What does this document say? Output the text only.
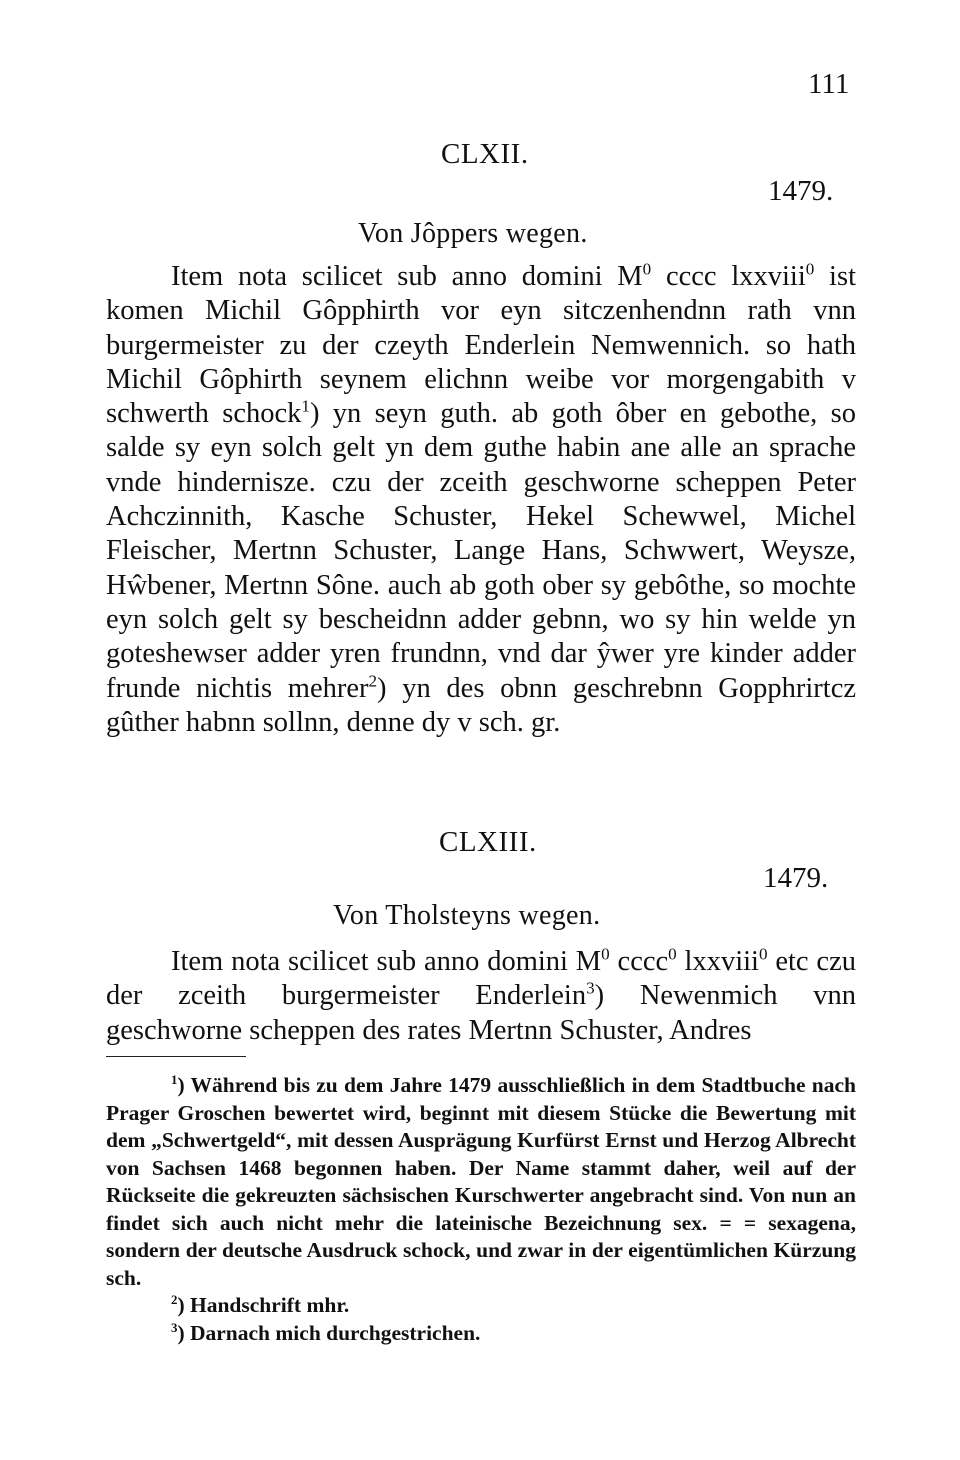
111
CLXII.
1479.
Von Jôppers wegen.

Item nota scilicet sub anno domini $M^0$ cccc lxxviii$^0$ ist komen Michil Gôpphirth vor eyn sitczenhendnn rath vnn burgermeister zu der czeyth Enderlein Nemwennich. so hath Michil Gôphirth seynem elichnn weibe vor morgengabith v schwerth schock$^1$) yn seyn guth. ab goth ôber en gebothe, so salde sy eyn solch gelt yn dem guthe habin ane alle an sprache vnde hindernisze. czu der zceith geschworne scheppen Peter Achczinnith, Kasche Schuster, Hekel Schewwel, Michel Fleischer, Mertnn Schuster, Lange Hans, Schwwert, Weysze, Hŵbener, Mertnn Sône. auch ab goth ober sy gebôthe, so mochte eyn solch gelt sy bescheidnn adder gebnn, wo sy hin welde yn goteshewser adder yren frundnn, vnd dar ŷwer yre kinder adder frunde nichtis mehrer$^2$) yn des obnn geschrebnn Gopphrirtcz gûther habnn sollnn, denne dy v sch. gr.

CLXIII.
1479.
Von Tholsteyns wegen.

Item nota scilicet sub anno domini $M^0$ cccc$^0$ lxxviii$^0$ etc czu der zceith burgermeister Enderlein$^3$) Newenmich vnn geschworne scheppen des rates Mertnn Schuster, Andres

$^1$) Während bis zu dem Jahre 1479 ausschließlich in dem Stadtbuche nach Prager Groschen bewertet wird, beginnt mit diesem Stücke die Bewertung mit dem „Schwertgeld“, mit dessen Ausprägung Kurfürst Ernst und Herzog Albrecht von Sachsen 1468 begonnen haben. Der Name stammt daher, weil auf der Rückseite die gekreuzten sächsischen Kurschwerter angebracht sind. Von nun an findet sich auch nicht mehr die lateinische Bezeichnung sex. = = sexagena, sondern der deutsche Ausdruck schock, und zwar in der eigentümlichen Kürzung sch.

$^2$) Handschrift mhr.

$^3$) Darnach mich durchgestrichen.
